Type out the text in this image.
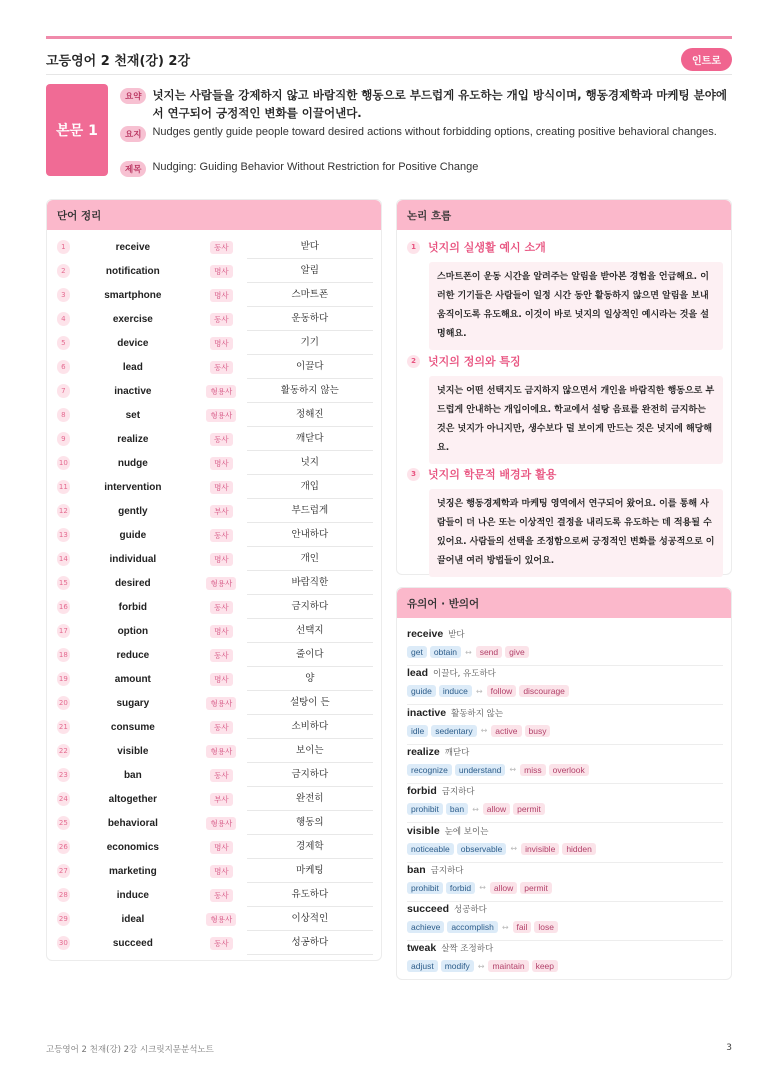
고등영어 2 천재(강) 2강	인트로
본문 1
요약 넛지는 사람들을 강제하지 않고 바람직한 행동으로 부드럽게 유도하는 개입 방식이며, 행동경제학과 마케팅 분야에서 연구되어 긍정적인 변화를 이끌어낸다.
요지	Nudges gently guide people toward desired actions without forbidding options, creating positive behavioral changes.
제목	Nudging: Guiding Behavior Without Restriction for Positive Change
단어 정리
1	receive	동사	받다
2	notification	명사	알림
3	smartphone	명사	스마트폰
4	exercise	동사	운동하다
5	device	명사	기기
6	lead	동사	이끌다
7	inactive	형용사	활동하지 않는
8	set	형용사	정해진
9	realize	동사	깨닫다
10	nudge	명사	넛지
11	intervention	명사	개입
12	gently	부사	부드럽게
13	guide	동사	안내하다
14	individual	명사	개인
15	desired	형용사	바람직한
16	forbid	동사	금지하다
17	option	명사	선택지
18	reduce	동사	줄이다
19	amount	명사	양
20	sugary	형용사	설탕이 든
21	consume	동사	소비하다
22	visible	형용사	보이는
23	ban	동사	금지하다
24	altogether	부사	완전히
25	behavioral	형용사	행동의
26	economics	명사	경제학
27	marketing	명사	마케팅
28	induce	동사	유도하다
29	ideal	형용사	이상적인
30	succeed	동사	성공하다
논리 흐름
1	넛지의 실생활 예시 소개
스마트폰이 운동 시간을 알려주는 알림을 받아본 경험을 언급해요. 이러한 기기들은 사람들이 일정 시간 동안 활동하지 않으면 알림을 보내 움직이도록 유도해요. 이것이 바로 넛지의 일상적인 예시라는 것을 설명해요.
2	넛지의 정의와 특징
넛지는 어떤 선택지도 금지하지 않으면서 개인을 바람직한 행동으로 부드럽게 안내하는 개입이에요. 학교에서 설탕 음료를 완전히 금지하는 것은 넛지가 아니지만, 생수보다 덜 보이게 만드는 것은 넛지에 해당해요.
3	넛지의 학문적 배경과 활용
넛징은 행동경제학과 마케팅 영역에서 연구되어 왔어요. 이를 통해 사람들이 더 나은 또는 이상적인 결정을 내리도록 유도하는 데 적용될 수 있어요. 사람들의 선택을 조정함으로써 긍정적인 변화를 성공적으로 이끌어낸 여러 방법들이 있어요.
유의어 · 반의어
receive 받다
get	obtain	↔ send	give
lead 이끌다, 유도하다
guide	induce	↔ follow	discourage
inactive 활동하지 않는
idle	sedentary	↔ active	busy
realize 깨닫다
recognize	understand	↔ miss	overlook
forbid 금지하다
prohibit	ban	↔ allow	permit
visible 눈에 보이는
noticeable	observable	↔ invisible	hidden
ban 금지하다
prohibit	forbid	↔ allow	permit
succeed 성공하다
achieve	accomplish	↔ fail	lose
tweak 살짝 조정하다
adjust	modify	↔ maintain	keep
고등영어 2 천재(강) 2강 시크릿지문분석노트	3
